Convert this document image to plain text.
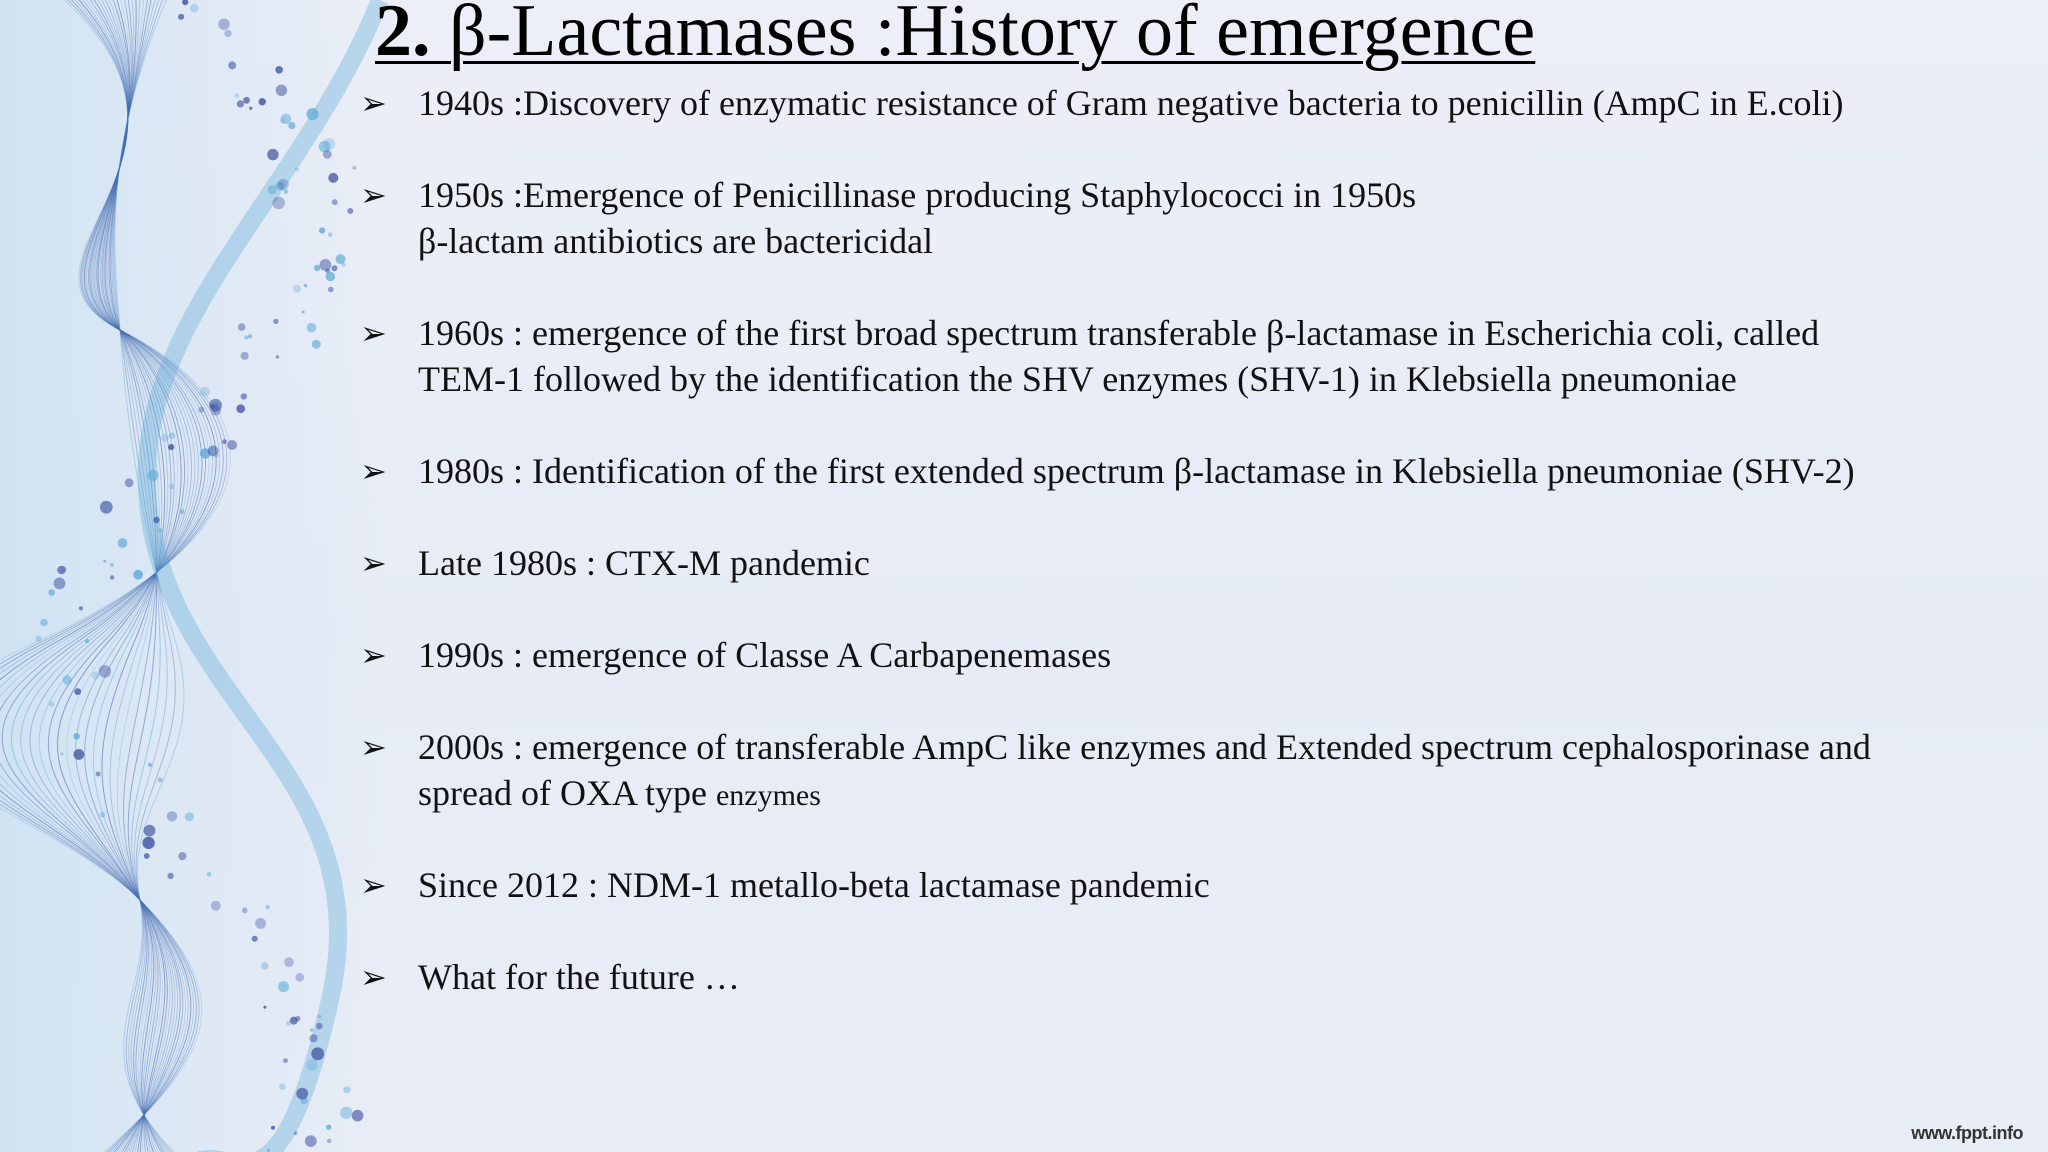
2. β-Lactamases :History of emergence
➢ 1940s :Discovery of enzymatic resistance of Gram negative bacteria to penicillin (AmpC in E.coli)
➢ 1950s :Emergence of Penicillinase producing Staphylococci in 1950s
β-lactam antibiotics are bactericidal
➢ 1960s : emergence of the first broad spectrum transferable β-lactamase in Escherichia coli, called
TEM-1 followed by the identification the SHV enzymes (SHV-1) in Klebsiella pneumoniae
➢ 1980s : Identification of the first extended spectrum β-lactamase in Klebsiella pneumoniae (SHV-2)
➢ Late 1980s : CTX-M pandemic
➢ 1990s : emergence of Classe A Carbapenemases
➢ 2000s : emergence of transferable AmpC like enzymes and Extended spectrum cephalosporinase and
spread of OXA type enzymes
➢ Since 2012 : NDM-1 metallo-beta lactamase pandemic
➢ What for the future …
www.fppt.info
